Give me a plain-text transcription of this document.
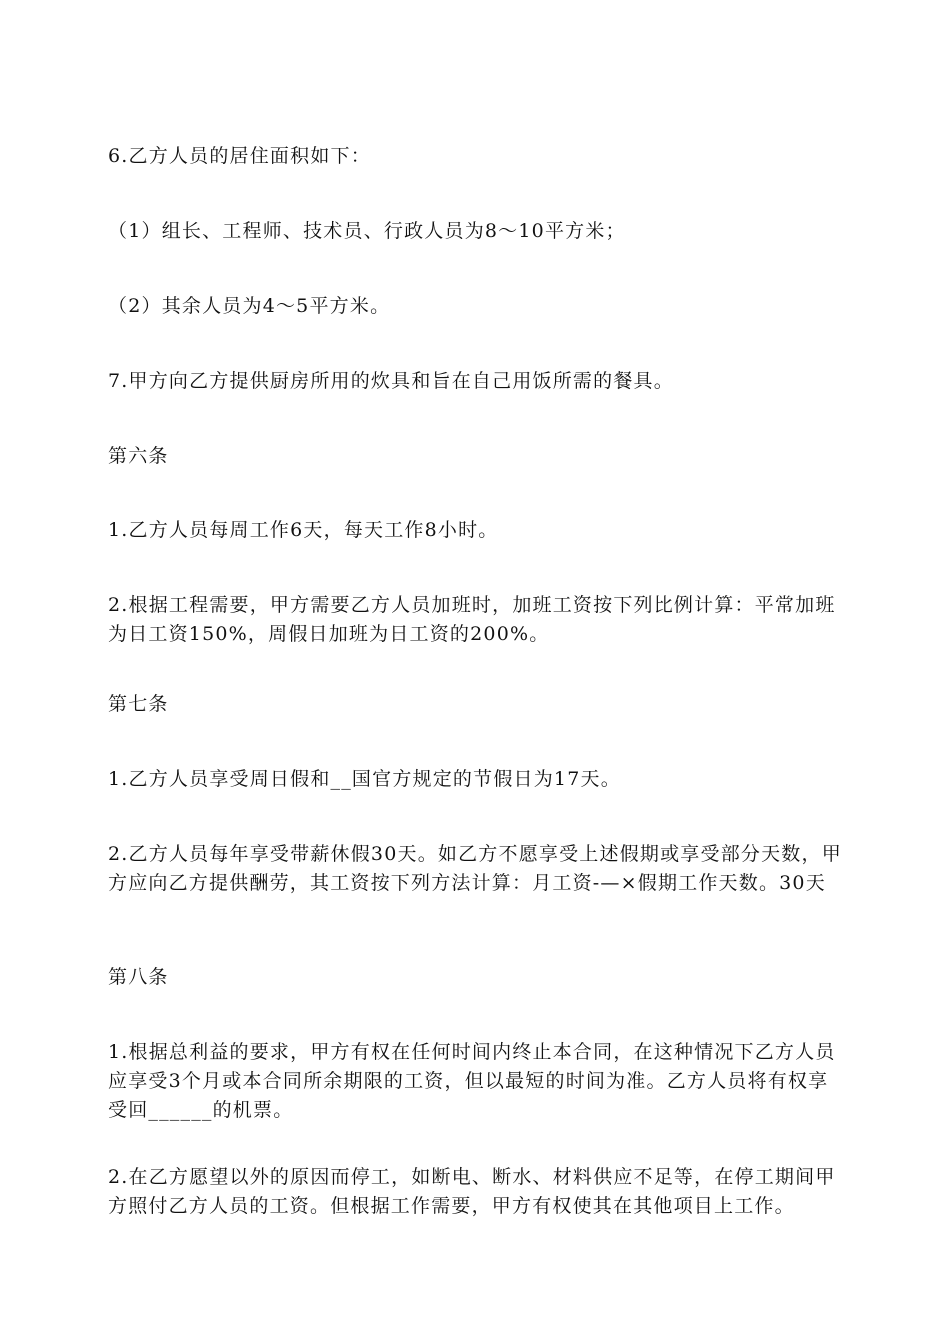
6.乙方人员的居住面积如下：

（1）组长、工程师、技术员、行政人员为8～10平方米；

（2）其余人员为4～5平方米。

7.甲方向乙方提供厨房所用的炊具和旨在自己用饭所需的餐具。

第六条

1.乙方人员每周工作6天，每天工作8小时。

2.根据工程需要，甲方需要乙方人员加班时，加班工资按下列比例计算：平常加班为日工资150%，周假日加班为日工资的200%。

第七条

1.乙方人员享受周日假和__国官方规定的节假日为17天。

2.乙方人员每年享受带薪休假30天。如乙方不愿享受上述假期或享受部分天数，甲方应向乙方提供酬劳，其工资按下列方法计算：月工资-—×假期工作天数。30天

第八条

1.根据总利益的要求，甲方有权在任何时间内终止本合同，在这种情况下乙方人员应享受3个月或本合同所余期限的工资，但以最短的时间为准。乙方人员将有权享受回______的机票。

2.在乙方愿望以外的原因而停工，如断电、断水、材料供应不足等，在停工期间甲方照付乙方人员的工资。但根据工作需要，甲方有权使其在其他项目上工作。
